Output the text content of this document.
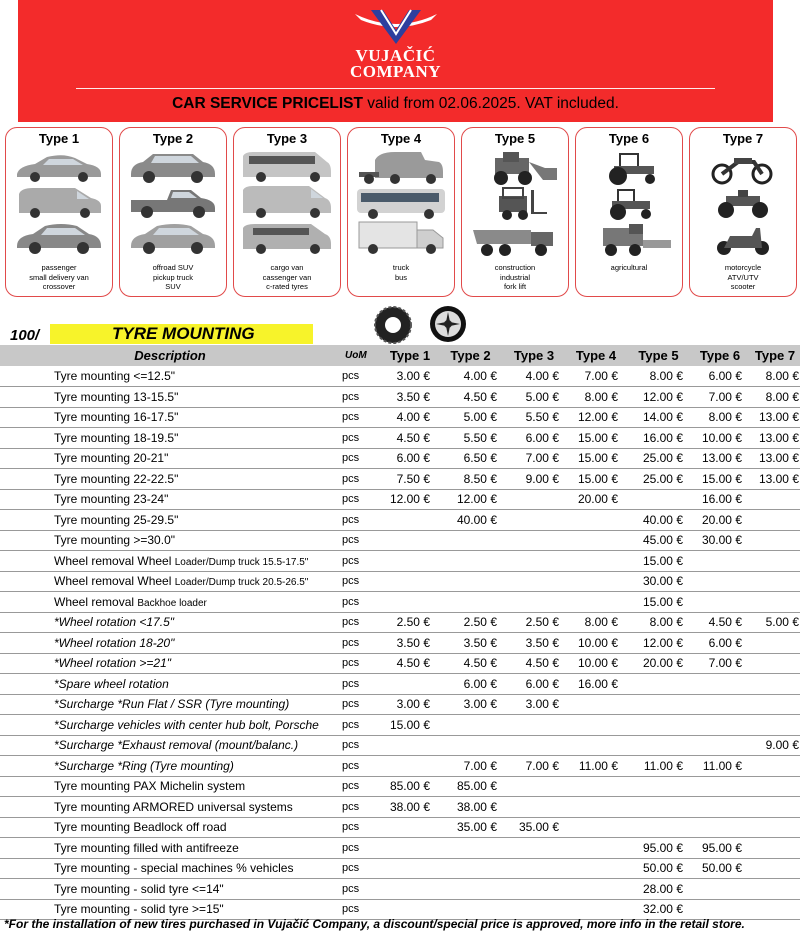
VUJAČIĆ
COMPANY
CAR SERVICE PRICELIST valid from 02.06.2025. VAT included.
Type 1
passenger
small delivery van
crossover
Type 2
offroad SUV
pickup truck
SUV
Type 3
cargo van
cassenger van
c-rated tyres
Type 4
truck
bus
Type 5
construction
industrial
fork lift
Type 6
agricultural
Type 7
motorcycle
ATV/UTV
scooter
100/	TYRE MOUNTING
Description	UoM	Type 1	Type 2	Type 3	Type 4	Type 5	Type 6	Type 7
Tyre mounting <=12.5"	pcs	3.00 €	4.00 €	4.00 €	7.00 €	8.00 €	6.00 €	8.00 €
Tyre mounting 13-15.5"	pcs	3.50 €	4.50 €	5.00 €	8.00 €	12.00 €	7.00 €	8.00 €
Tyre mounting 16-17.5"	pcs	4.00 €	5.00 €	5.50 €	12.00 €	14.00 €	8.00 €	13.00 €
Tyre mounting 18-19.5"	pcs	4.50 €	5.50 €	6.00 €	15.00 €	16.00 €	10.00 €	13.00 €
Tyre mounting 20-21"	pcs	6.00 €	6.50 €	7.00 €	15.00 €	25.00 €	13.00 €	13.00 €
Tyre mounting 22-22.5"	pcs	7.50 €	8.50 €	9.00 €	15.00 €	25.00 €	15.00 €	13.00 €
Tyre mounting 23-24"	pcs	12.00 €	12.00 €		20.00 €		16.00 €	
Tyre mounting 25-29.5"	pcs		40.00 €			40.00 €	20.00 €	
Tyre mounting >=30.0"	pcs					45.00 €	30.00 €	
Wheel removal Wheel Loader/Dump truck 15.5-17.5"	pcs					15.00 €		
Wheel removal Wheel Loader/Dump truck 20.5-26.5"	pcs					30.00 €		
Wheel removal Backhoe loader	pcs					15.00 €		
*Wheel rotation <17.5"	pcs	2.50 €	2.50 €	2.50 €	8.00 €	8.00 €	4.50 €	5.00 €
*Wheel rotation 18-20"	pcs	3.50 €	3.50 €	3.50 €	10.00 €	12.00 €	6.00 €	
*Wheel rotation >=21"	pcs	4.50 €	4.50 €	4.50 €	10.00 €	20.00 €	7.00 €	
*Spare wheel rotation	pcs		6.00 €	6.00 €	16.00 €			
*Surcharge *Run Flat / SSR (Tyre mounting)	pcs	3.00 €	3.00 €	3.00 €				
*Surcharge vehicles with center hub bolt, Porsche	pcs	15.00 €						
*Surcharge *Exhaust removal (mount/balanc.)	pcs							9.00 €
*Surcharge *Ring (Tyre mounting)	pcs		7.00 €	7.00 €	11.00 €	11.00 €	11.00 €	
Tyre mounting PAX Michelin system	pcs	85.00 €	85.00 €					
Tyre mounting ARMORED universal systems	pcs	38.00 €	38.00 €					
Tyre mounting Beadlock off road	pcs		35.00 €	35.00 €				
Tyre mounting filled with antifreeze	pcs					95.00 €	95.00 €	
Tyre mounting - special machines % vehicles	pcs					50.00 €	50.00 €	
Tyre mounting - solid tyre <=14"	pcs					28.00 €		
Tyre mounting - solid tyre >=15"	pcs					32.00 €		
*For the installation of new tires purchased in Vujačić Company, a discount/special price is approved, more info in the retail store.
